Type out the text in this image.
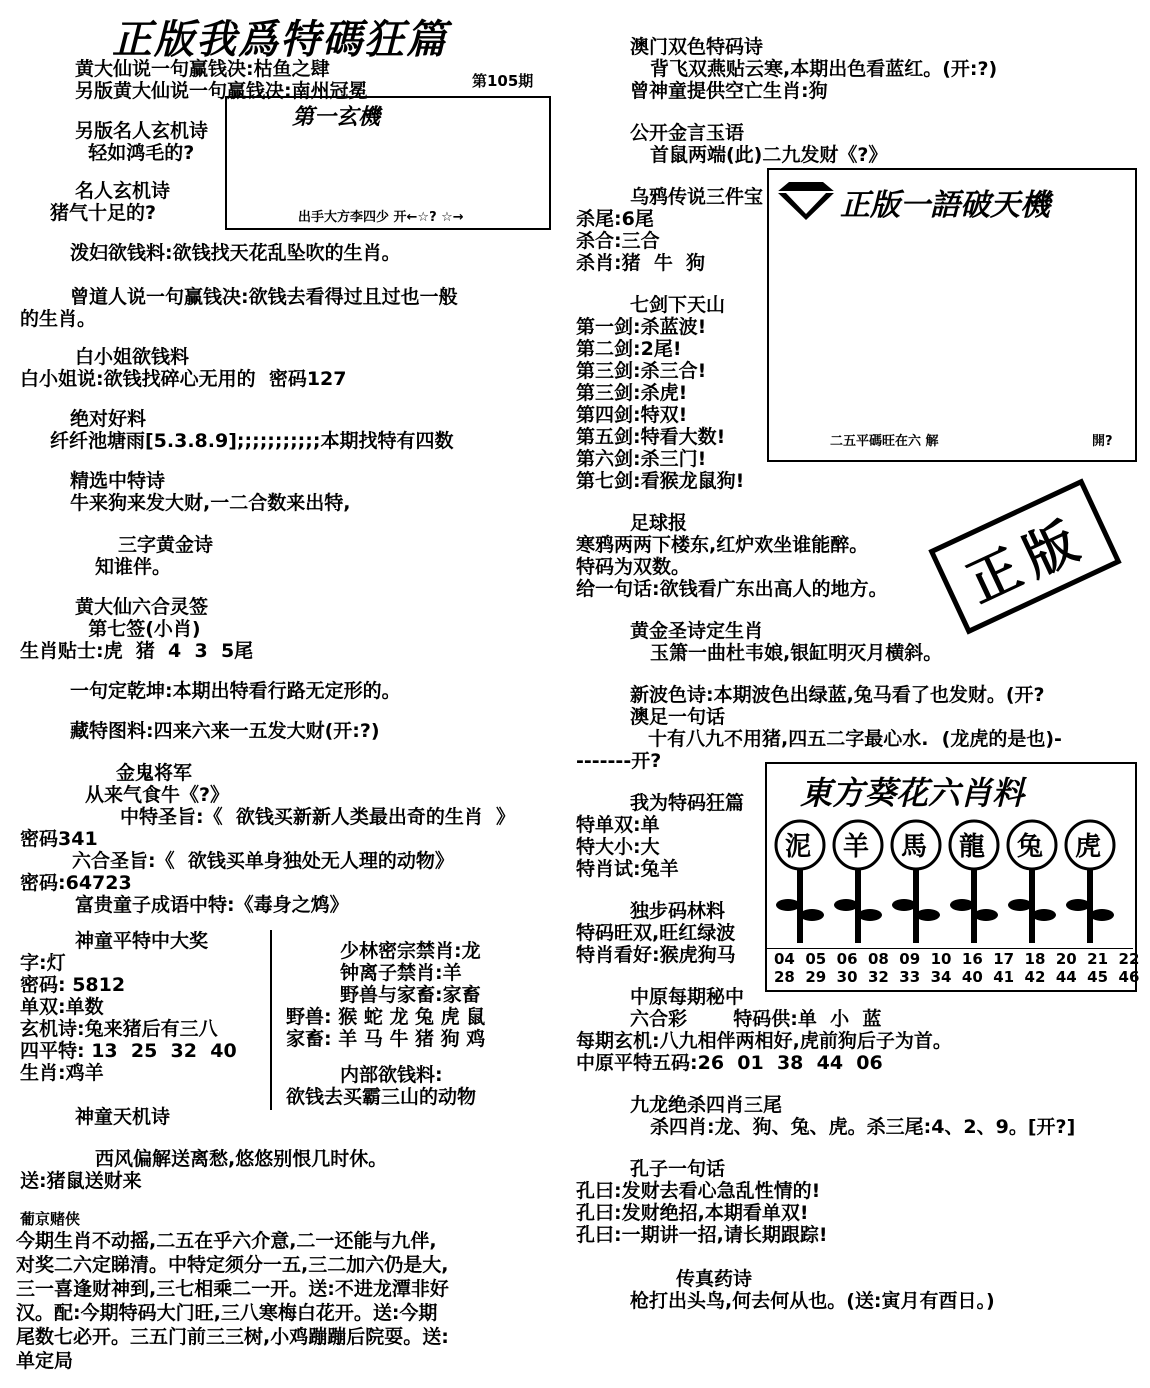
正版我爲特碼狂篇
第105期
第一玄機
出手大方李四少 开←☆? ☆→	正版一語破天機
二五平碼旺在六 解	開?
正版
東方葵花六肖料
泥 羊 馬 龍 兔 虎
04  05  06  08  09  10  16  17  18  20  21  22
28  29  30  32  33  34  40  41  42  44  45  46
少林密宗禁肖:龙
钟离子禁肖:羊
野兽与家畜:家畜
野兽: 猴 蛇 龙 兔 虎 鼠
家畜: 羊 马 牛 猪 狗 鸡
内部欲钱料:
欲钱去买霸三山的动物
黄大仙说一句赢钱决:枯鱼之肆
另版黄大仙说一句赢钱决:南州冠冕
另版名人玄机诗
轻如鸿毛的?
名人玄机诗
猪气十足的?
泼妇欲钱料:欲钱找天花乱坠吹的生肖。
曾道人说一句赢钱决:欲钱去看得过且过也一般
的生肖。
白小姐欲钱料
白小姐说:欲钱找碎心无用的  密码127
绝对好料
纤纤池塘雨[5.3.8.9];;;;;;;;;;;本期找特有四数
精选中特诗
牛来狗来发大财,一二合数来出特,
三字黄金诗
知谁伴。
黄大仙六合灵签
第七签(小肖)
生肖贴士:虎  猪  4  3  5尾
一句定乾坤:本期出特看行路无定形的。
藏特图料:四来六来一五发大财(开:?)
金鬼将军
从来气食牛《?》
中特圣旨:《  欲钱买新新人类最出奇的生肖  》
密码341
六合圣旨:《  欲钱买单身独处无人理的动物》
密码:64723
富贵童子成语中特:《毒身之鸩》
神童平特中大奖
字:灯
密码: 5812
单双:单数
玄机诗:兔来猪后有三八
四平特: 13  25  32  40
生肖:鸡羊
神童天机诗
西风偏解送离愁,悠悠别恨几时休。
送:猪鼠送财来
葡京赌侠
今期生肖不动摇,二五在乎六介意,二一还能与九伴,
对奖二六定睇清。中特定须分一五,三二加六仍是大,
三一喜逢财神到,三七相乘二一开。送:不进龙潭非好
汉。配:今期特码大门旺,三八寒梅白花开。送:今期
尾数七必开。三五门前三三树,小鸡蹦蹦后院耍。送:
单定局
澳门双色特码诗
背飞双燕贴云寒,本期出色看蓝红。(开:?)
曾神童提供空亡生肖:狗
公开金言玉语
首鼠两端(此)二九发财《?》
乌鸦传说三件宝
杀尾:6尾
杀合:三合
杀肖:猪  牛  狗
七剑下天山
第一剑:杀蓝波!
第二剑:2尾!
第三剑:杀三合!
第三剑:杀虎!
第四剑:特双!
第五剑:特看大数!
第六剑:杀三门!
第七剑:看猴龙鼠狗!
足球报
寒鸦两两下楼东,红炉欢坐谁能醉。
特码为双数。
给一句话:欲钱看广东出高人的地方。
黄金圣诗定生肖
玉箫一曲杜韦娘,银缸明灭月横斜。
新波色诗:本期波色出绿蓝,兔马看了也发财。(开?
澳足一句话
十有八九不用猪,四五二字最心水.  (龙虎的是也)-
-------开?
我为特码狂篇
特单双:单
特大小:大
特肖试:兔羊
独步码林料
特码旺双,旺红绿波
特肖看好:猴虎狗马
中原每期秘中
六合彩       特码供:单  小  蓝
每期玄机:八九相伴两相好,虎前狗后子为首。
中原平特五码:26  01  38  44  06
九龙绝杀四肖三尾
杀四肖:龙、狗、兔、虎。杀三尾:4、2、9。[开?]
孔子一句话
孔曰:发财去看心急乱性情的!
孔曰:发财绝招,本期看单双!
孔曰:一期讲一招,请长期跟踪!
传真药诗
枪打出头鸟,何去何从也。(送:寅月有酉日。)
